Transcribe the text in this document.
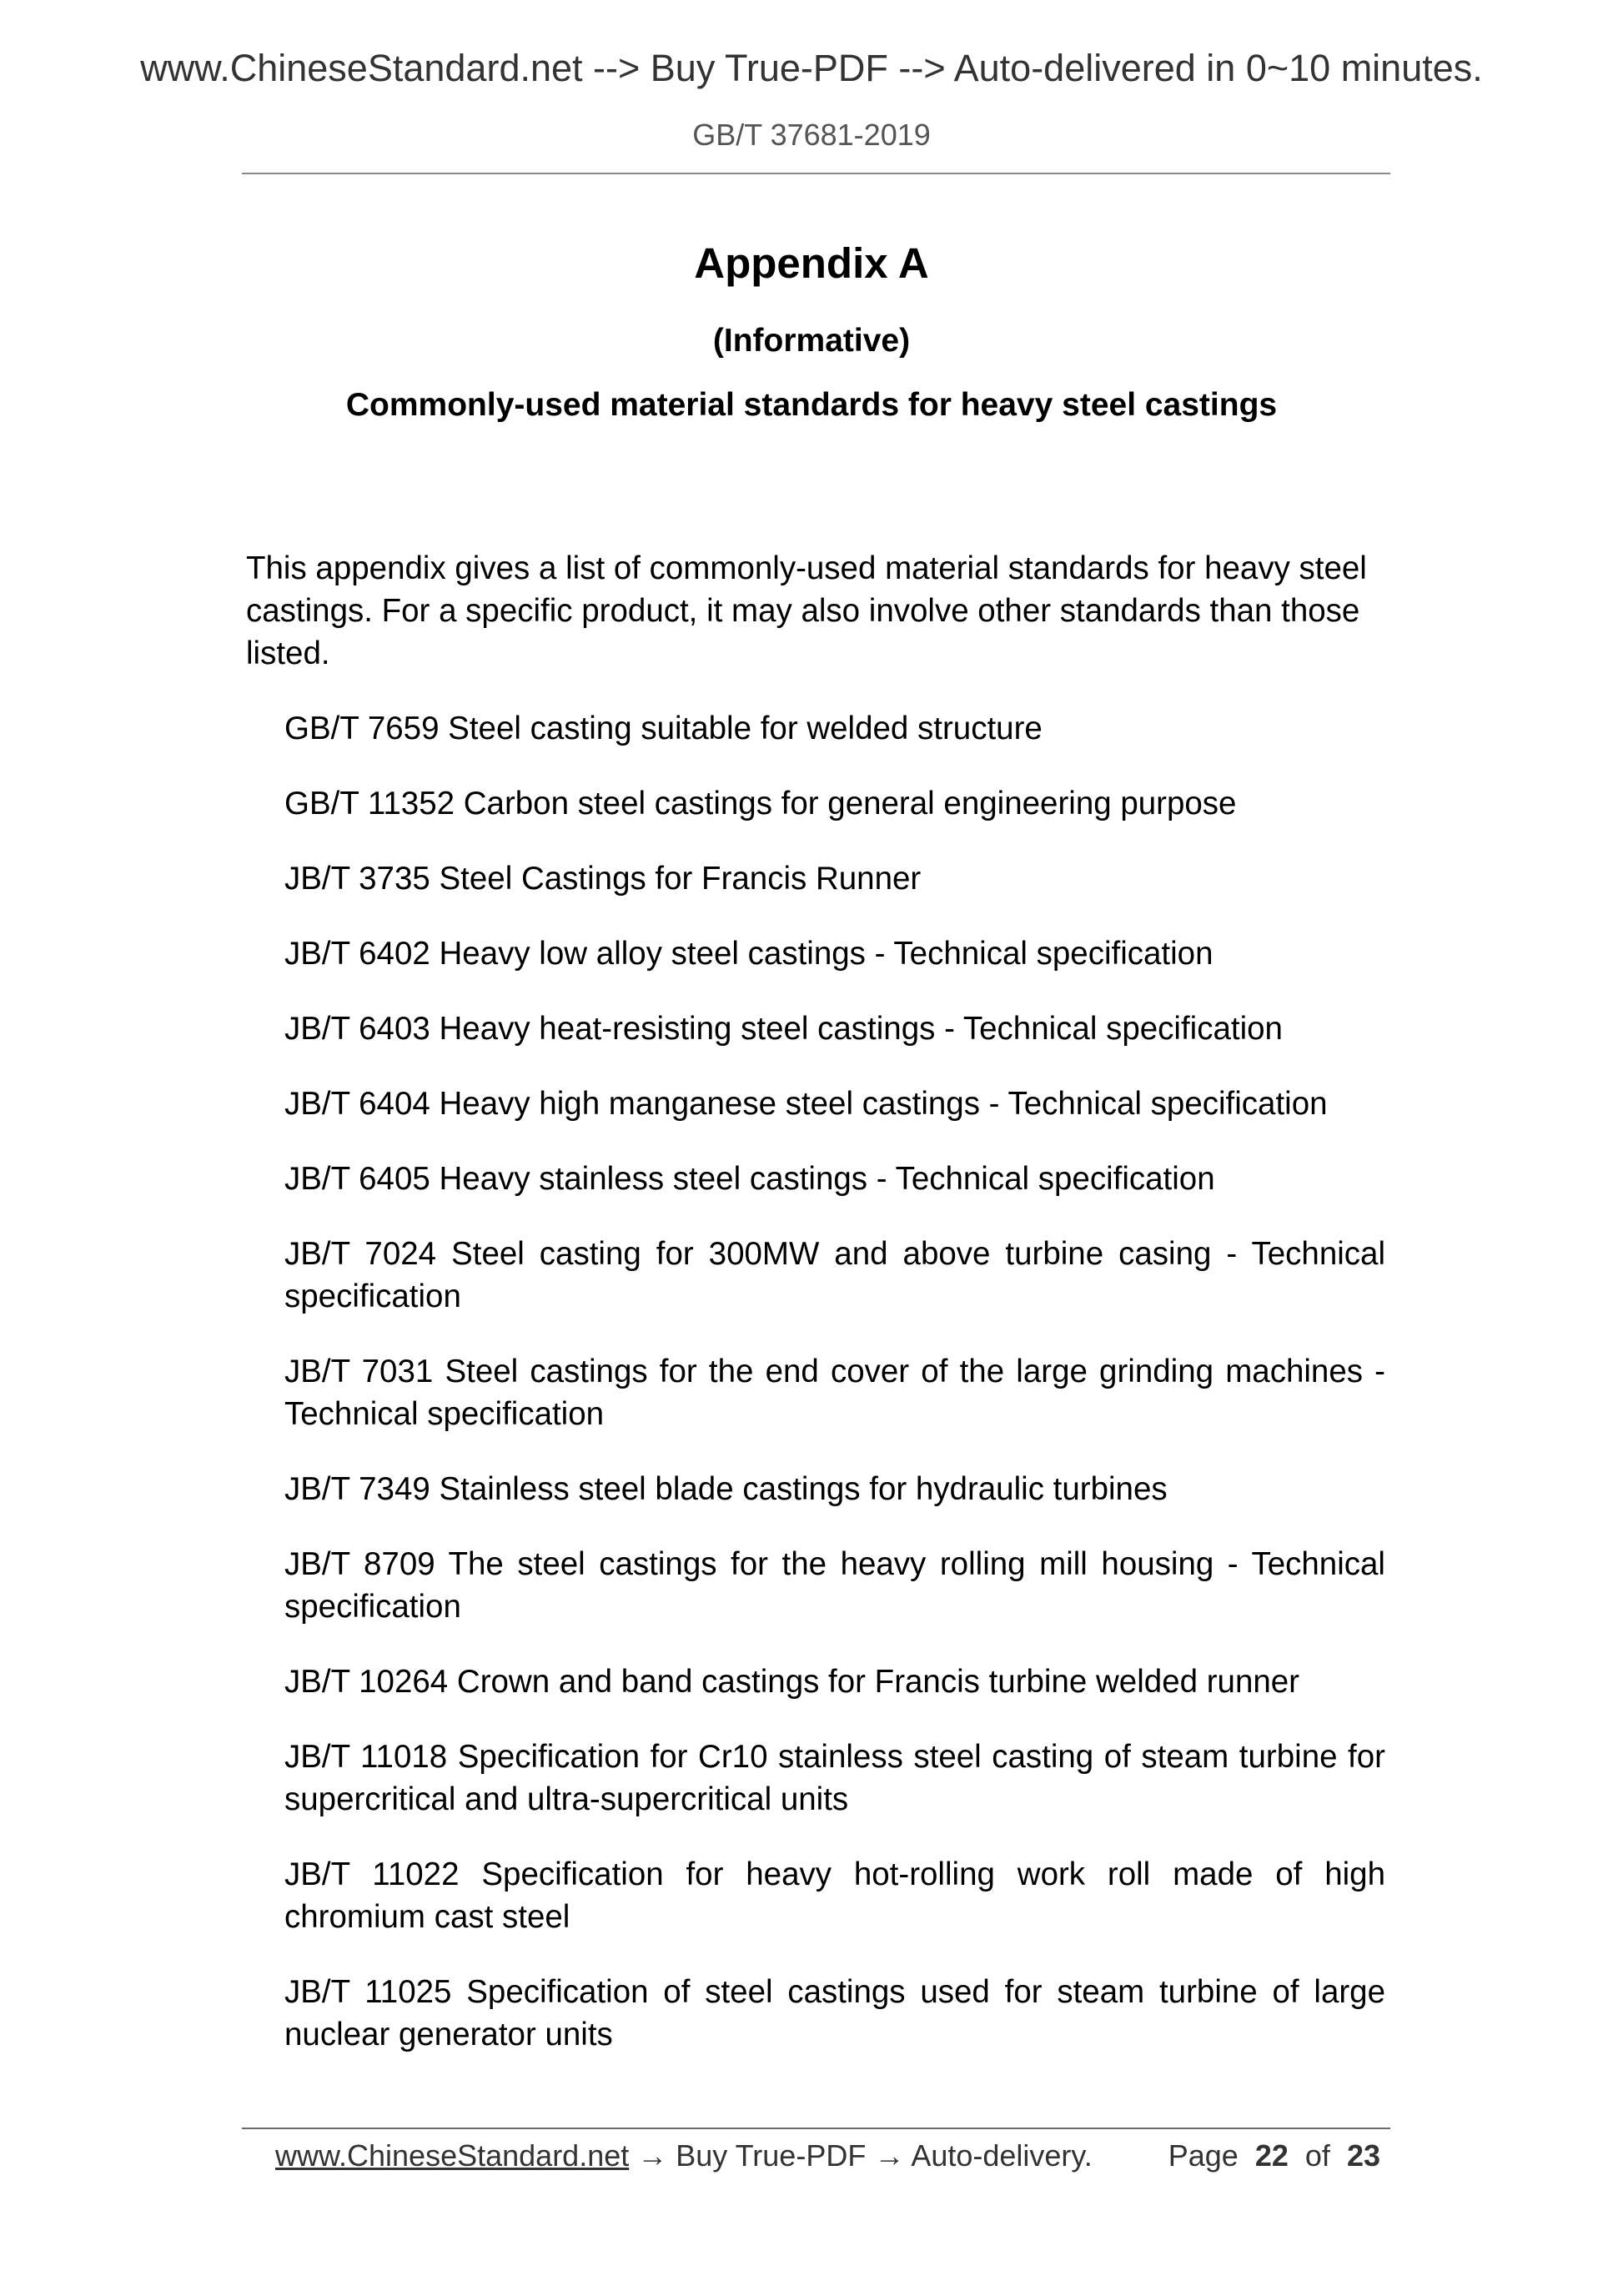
www.ChineseStandard.net --> Buy True-PDF --> Auto-delivered in 0~10 minutes.
GB/T 37681-2019
Appendix A
(Informative)
Commonly-used material standards for heavy steel castings

This appendix gives a list of commonly-used material standards for heavy steel castings. For a specific product, it may also involve other standards than those listed.

GB/T 7659 Steel casting suitable for welded structure
GB/T 11352 Carbon steel castings for general engineering purpose
JB/T 3735 Steel Castings for Francis Runner
JB/T 6402 Heavy low alloy steel castings - Technical specification
JB/T 6403 Heavy heat-resisting steel castings - Technical specification
JB/T 6404 Heavy high manganese steel castings - Technical specification
JB/T 6405 Heavy stainless steel castings - Technical specification
JB/T 7024 Steel casting for 300MW and above turbine casing - Technical specification
JB/T 7031 Steel castings for the end cover of the large grinding machines - Technical specification
JB/T 7349 Stainless steel blade castings for hydraulic turbines
JB/T 8709 The steel castings for the heavy rolling mill housing - Technical specification
JB/T 10264 Crown and band castings for Francis turbine welded runner
JB/T 11018 Specification for Cr10 stainless steel casting of steam turbine for supercritical and ultra-supercritical units
JB/T 11022 Specification for heavy hot-rolling work roll made of high chromium cast steel
JB/T 11025 Specification of steel castings used for steam turbine of large nuclear generator units
www.ChineseStandard.net → Buy True-PDF → Auto-delivery.	Page 22 of 23
